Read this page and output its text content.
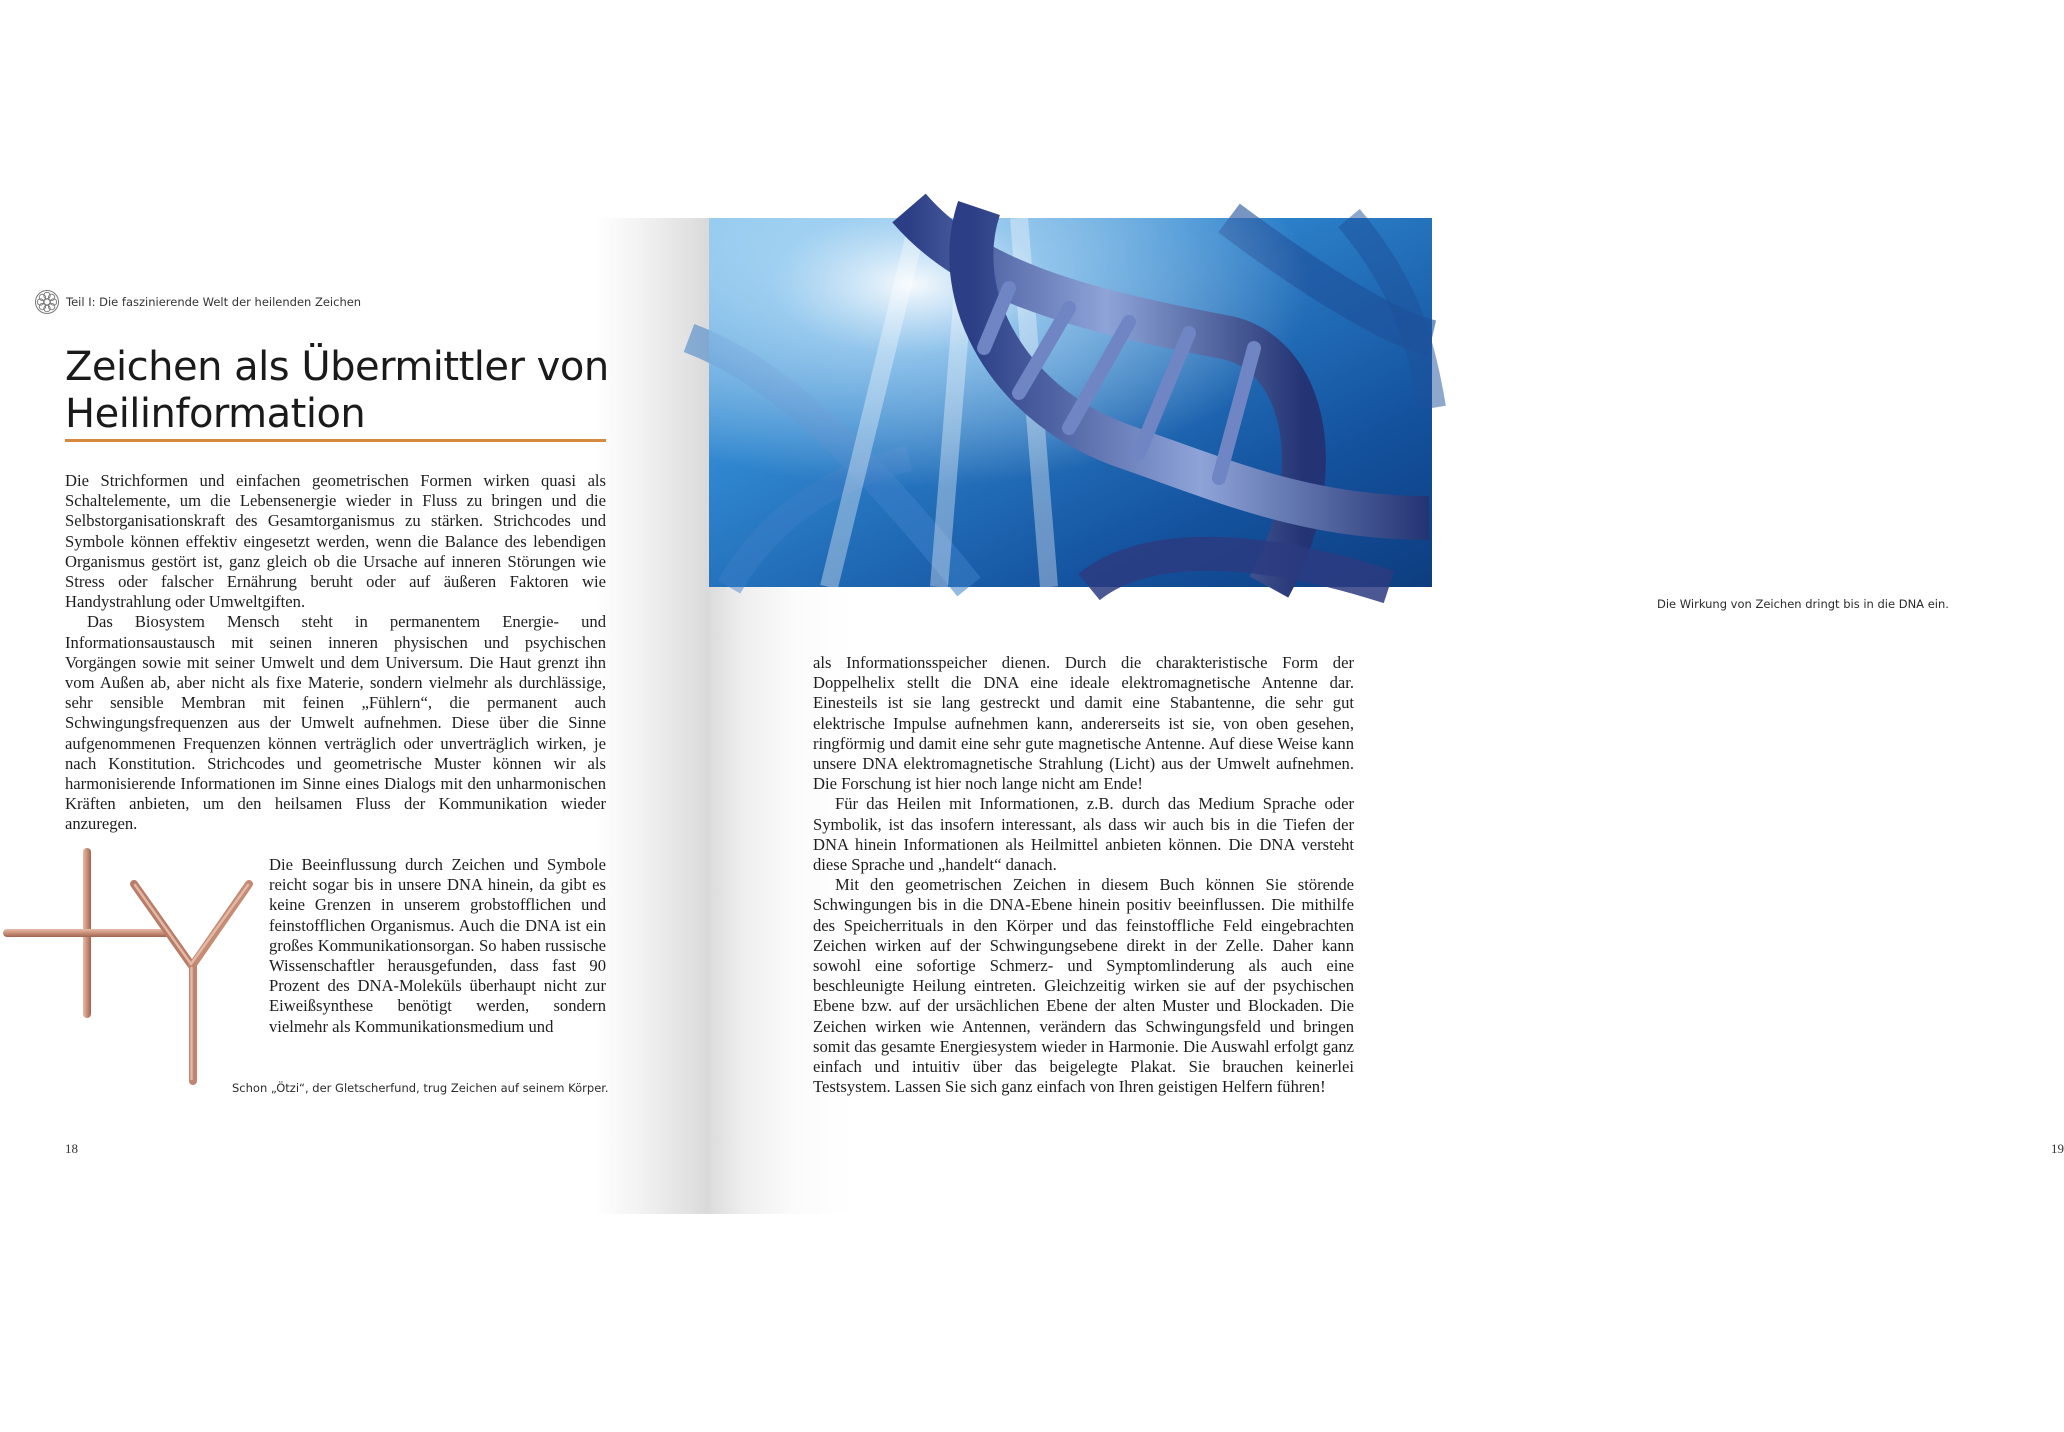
Teil I: Die faszinierende Welt der heilenden Zeichen
Zeichen als Übermittler von
Heilinformation

Die Strichformen und einfachen geometrischen Formen wirken quasi als Schaltelemente, um die Lebensenergie wieder in Fluss zu bringen und die Selbstorganisationskraft des Gesamtorganismus zu stärken. Strichcodes und Symbole können effektiv eingesetzt werden, wenn die Balance des lebendigen Organismus gestört ist, ganz gleich ob die Ursache auf inneren Störungen wie Stress oder falscher Ernährung beruht oder auf äußeren Faktoren wie Handystrahlung oder Umweltgiften.

Das Biosystem Mensch steht in permanentem Energie- und Informationsaustausch mit seinen inneren physischen und psychischen Vorgängen sowie mit seiner Umwelt und dem Universum. Die Haut grenzt ihn vom Außen ab, aber nicht als fixe Materie, sondern vielmehr als durchlässige, sehr sensible Membran mit feinen „Fühlern“, die permanent auch Schwingungsfrequenzen aus der Umwelt aufnehmen. Diese über die Sinne aufgenommenen Frequenzen können verträglich oder unverträglich wirken, je nach Konstitution. Strichcodes und geometrische Muster können wir als harmonisierende Informationen im Sinne eines Dialogs mit den unharmonischen Kräften anbieten, um den heilsamen Fluss der Kommunikation wieder anzuregen.

Die Beeinflussung durch Zeichen und Symbole reicht sogar bis in unsere DNA hinein, da gibt es keine Grenzen in unserem grobstofflichen und feinstofflichen Organismus. Auch die DNA ist ein großes Kommunikationsorgan. So haben russische Wissenschaftler herausgefunden, dass fast 90 Prozent des DNA-Moleküls überhaupt nicht zur Eiweißsynthese benötigt werden, sondern vielmehr als Kommunikationsmedium und

Schon „Ötzi“, der Gletscherfund, trug Zeichen auf seinem Körper.
18
Die Wirkung von Zeichen dringt bis in die DNA ein.
19

als Informationsspeicher dienen. Durch die charakteristische Form der Doppelhelix stellt die DNA eine ideale elektromagnetische Antenne dar. Einesteils ist sie lang gestreckt und damit eine Stabantenne, die sehr gut elektrische Impulse aufnehmen kann, andererseits ist sie, von oben gesehen, ringförmig und damit eine sehr gute magnetische Antenne. Auf diese Weise kann unsere DNA elektromagnetische Strahlung (Licht) aus der Umwelt aufnehmen. Die Forschung ist hier noch lange nicht am Ende!

Für das Heilen mit Informationen, z.B. durch das Medium Sprache oder Symbolik, ist das insofern interessant, als dass wir auch bis in die Tiefen der DNA hinein Informationen als Heilmittel anbieten können. Die DNA versteht diese Sprache und „handelt“ danach.

Mit den geometrischen Zeichen in diesem Buch können Sie störende Schwingungen bis in die DNA-Ebene hinein positiv beeinflussen. Die mithilfe des Speicherrituals in den Körper und das feinstoffliche Feld eingebrachten Zeichen wirken auf der Schwingungsebene direkt in der Zelle. Daher kann sowohl eine sofortige Schmerz- und Symptomlinderung als auch eine beschleunigte Heilung eintreten. Gleichzeitig wirken sie auf der psychischen Ebene bzw. auf der ursächlichen Ebene der alten Muster und Blockaden. Die Zeichen wirken wie Antennen, verändern das Schwingungsfeld und bringen somit das gesamte Energiesystem wieder in Harmonie. Die Auswahl erfolgt ganz einfach und intuitiv über das beigelegte Plakat. Sie brauchen keinerlei Testsystem. Lassen Sie sich ganz einfach von Ihren geistigen Helfern führen!
